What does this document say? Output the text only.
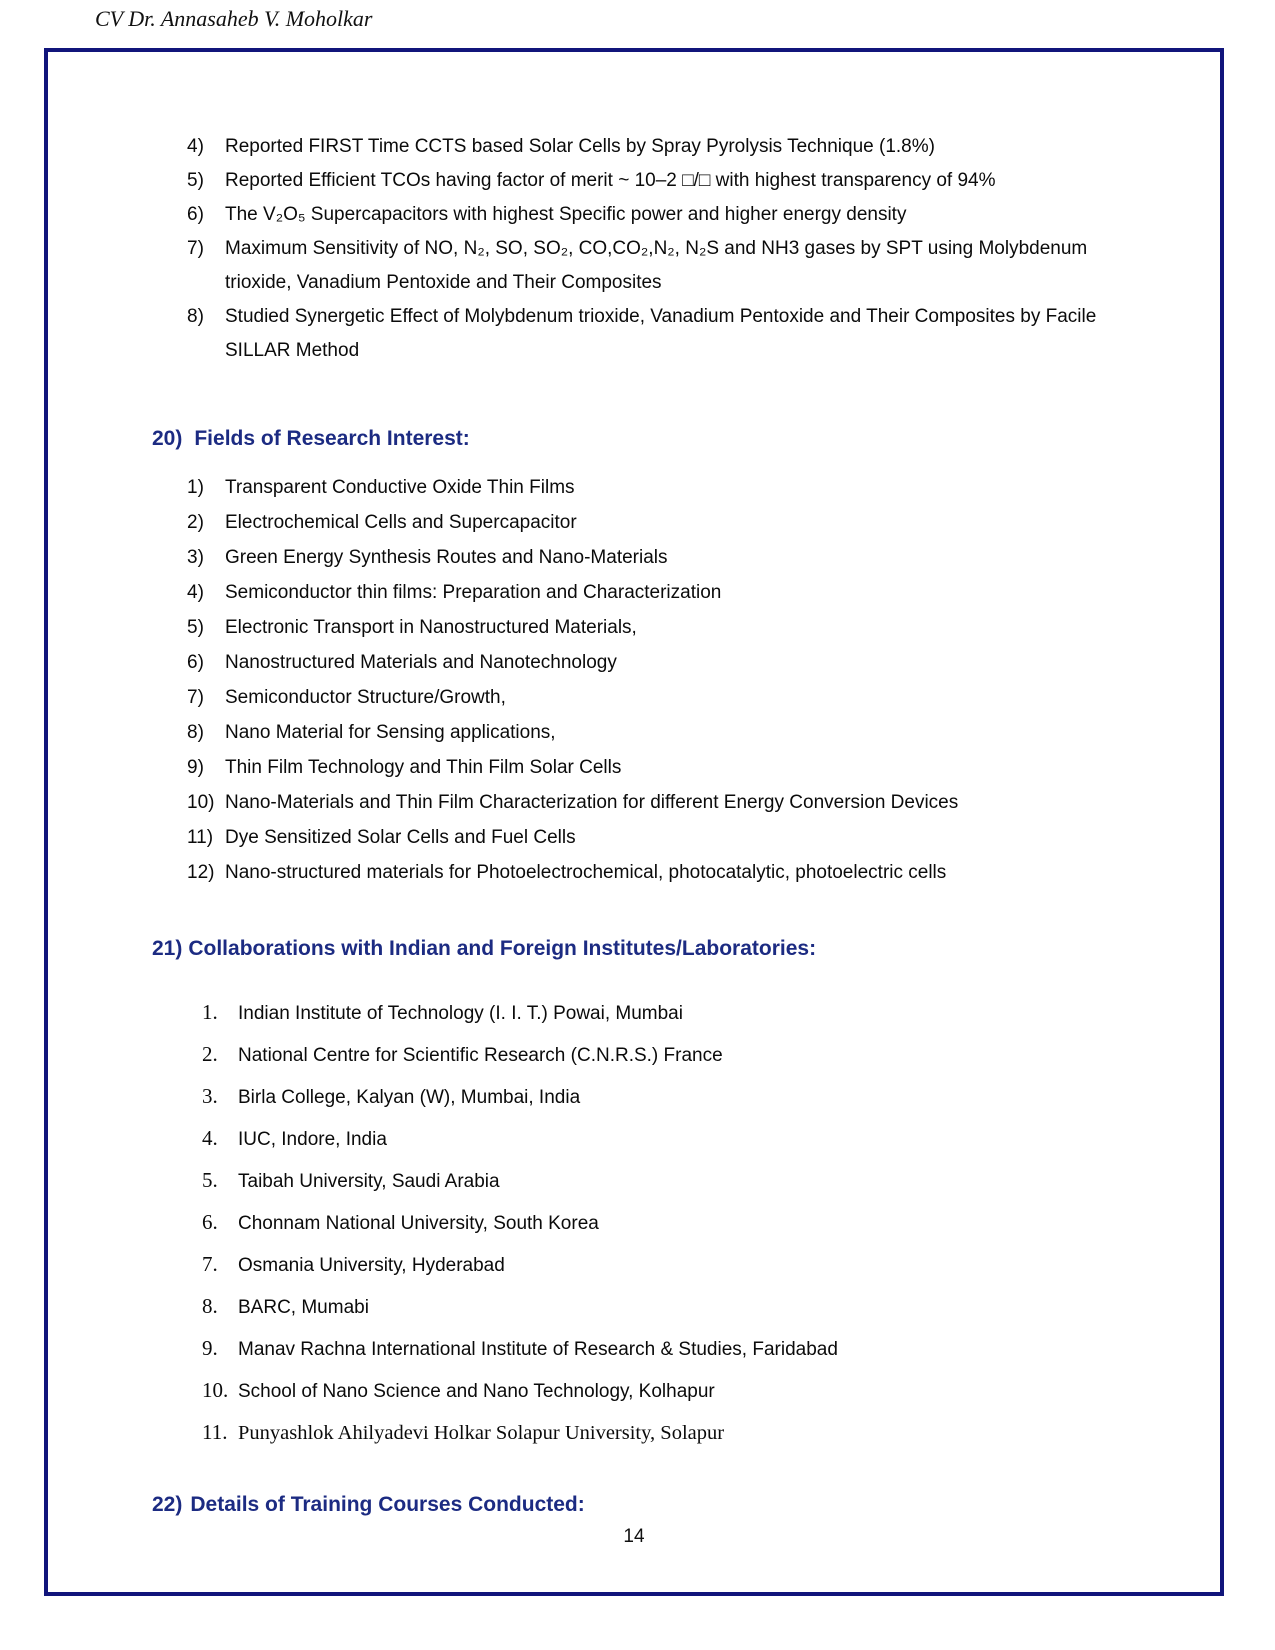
CV Dr. Annasaheb V. Moholkar
4)	Reported FIRST Time CCTS based Solar Cells by Spray Pyrolysis Technique (1.8%)
5)	Reported Efficient TCOs having factor of merit ~ 10–2 □/□ with highest transparency of 94%
6)	The V₂O₅ Supercapacitors with highest Specific power and higher energy density
7)	Maximum Sensitivity of NO, N₂, SO, SO₂, CO,CO₂,N₂, N₂S and NH3 gases by SPT using Molybdenum trioxide, Vanadium Pentoxide and Their Composites
8)	Studied Synergetic Effect of Molybdenum trioxide, Vanadium Pentoxide and Their Composites by Facile SILLAR Method
20) Fields of Research Interest:
1)	Transparent Conductive Oxide Thin Films
2)	Electrochemical Cells and Supercapacitor
3)	Green Energy Synthesis Routes and Nano-Materials
4)	Semiconductor thin films: Preparation and Characterization
5)	Electronic Transport in Nanostructured Materials,
6)	Nanostructured Materials and Nanotechnology
7)	Semiconductor Structure/Growth,
8)	Nano Material for Sensing applications,
9)	Thin Film Technology and Thin Film Solar Cells
10) Nano-Materials and Thin Film Characterization for different Energy Conversion Devices
11) Dye Sensitized Solar Cells and Fuel Cells
12) Nano-structured materials for Photoelectrochemical, photocatalytic, photoelectric cells
21) Collaborations with Indian and Foreign Institutes/Laboratories:
1.	Indian Institute of Technology (I. I. T.) Powai, Mumbai
2.	National Centre for Scientific Research (C.N.R.S.) France
3.	Birla College, Kalyan (W), Mumbai, India
4.	IUC, Indore, India
5.	Taibah University, Saudi Arabia
6.	Chonnam National University, South Korea
7.	Osmania University, Hyderabad
8.	BARC, Mumabi
9.	Manav Rachna International Institute of Research & Studies, Faridabad
10. School of Nano Science and Nano Technology, Kolhapur
11. Punyashlok Ahilyadevi Holkar Solapur University, Solapur
22) Details of Training Courses Conducted:
14
